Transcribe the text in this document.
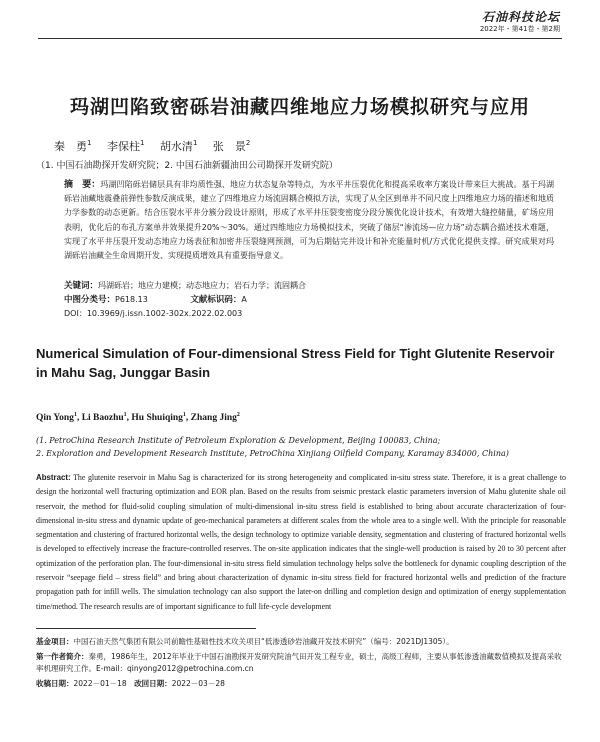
石油科技论坛
2022年・第41卷・第2期
玛湖凹陷致密砾岩油藏四维地应力场模拟研究与应用
秦　勇$^1$ 李保柱$^1$ 胡水清$^1$ 张　景$^2$
（1. 中国石油勘探开发研究院；2. 中国石油新疆油田公司勘探开发研究院）
摘　要：玛湖凹陷砾岩储层具有非均质性强、地应力状态复杂等特点，为水平井压裂优化和提高采收率方案设计带来巨大挑战。基于玛湖砾岩油藏地震叠前弹性参数反演成果，建立了四维地应力场流固耦合模拟方法，实现了从全区到单井不同尺度上四维地应力场的描述和地质力学参数的动态更新。结合压裂水平井分簇分段设计原则，形成了水平井压裂变密度分段分簇优化设计技术，有效增大缝控储量，矿场应用表明，优化后的布孔方案单井效果提升20%～30%。通过四维地应力场模拟技术，突破了储层“渗流场—应力场”动态耦合描述技术难题，实现了水平井压裂开发动态地应力场表征和加密井压裂缝网预测，可为后期钻完井设计和补充能量时机/方式优化提供支撑。研究成果对玛湖砾岩油藏全生命周期开发、实现提质增效具有重要指导意义。
关键词：玛湖砾岩；地应力建模；动态地应力；岩石力学；流固耦合
中图分类号：P618.13	文献标识码：A
DOI：10.3969/j.issn.1002-302x.2022.02.003
Numerical Simulation of Four-dimensional Stress Field for Tight Glutenite Reservoir in Mahu Sag, Junggar Basin
Qin Yong$^1$, Li Baozhu$^1$, Hu Shuiqing$^1$, Zhang Jing$^2$
(1. PetroChina Research Institute of Petroleum Exploration & Development, Beijing 100083, China;
2. Exploration and Development Research Institute, PetroChina Xinjiang Oilfield Company, Karamay 834000, China)
Abstract: The glutenite reservoir in Mahu Sag is characterized for its strong heterogeneity and complicated in-situ stress state. Therefore, it is a great challenge to design the horizontal well fracturing optimization and EOR plan. Based on the results from seismic prestack elastic parameters inversion of Mahu glutenite shale oil reservoir, the method for fluid-solid coupling simulation of multi-dimensional in-situ stress field is established to bring about accurate characterization of four-dimensional in-situ stress and dynamic update of geo-mechanical parameters at different scales from the whole area to a single well. With the principle for reasonable segmentation and clustering of fractured horizontal wells, the design technology to optimize variable density, segmentation and clustering of fractured horizontal wells is developed to effectively increase the fracture-controlled reserves. The on-site application indicates that the single-well production is raised by 20 to 30 percent after optimization of the perforation plan. The four-dimensional in-situ stress field simulation technology helps solve the bottleneck for dynamic coupling description of the reservoir “seepage field – stress field” and bring about characterization of dynamic in-situ stress field for fractured horizontal wells and prediction of the fracture propagation path for infill wells. The simulation technology can also support the later-on drilling and completion design and optimization of energy supplementation time/method. The research results are of important significance to full life-cycle development

基金项目：中国石油天然气集团有限公司前瞻性基础性技术攻关项目“低渗透砂岩油藏开发技术研究”（编号：2021DJ1305）。

第一作者简介：秦勇，1986年生，2012年毕业于中国石油勘探开发研究院油气田开发工程专业，硕士，高级工程师，主要从事低渗透油藏数值模拟及提高采收率机理研究工作。E-mail：qinyong2012@petrochina.com.cn

收稿日期：2022－01－18　 改回日期：2022－03－28
